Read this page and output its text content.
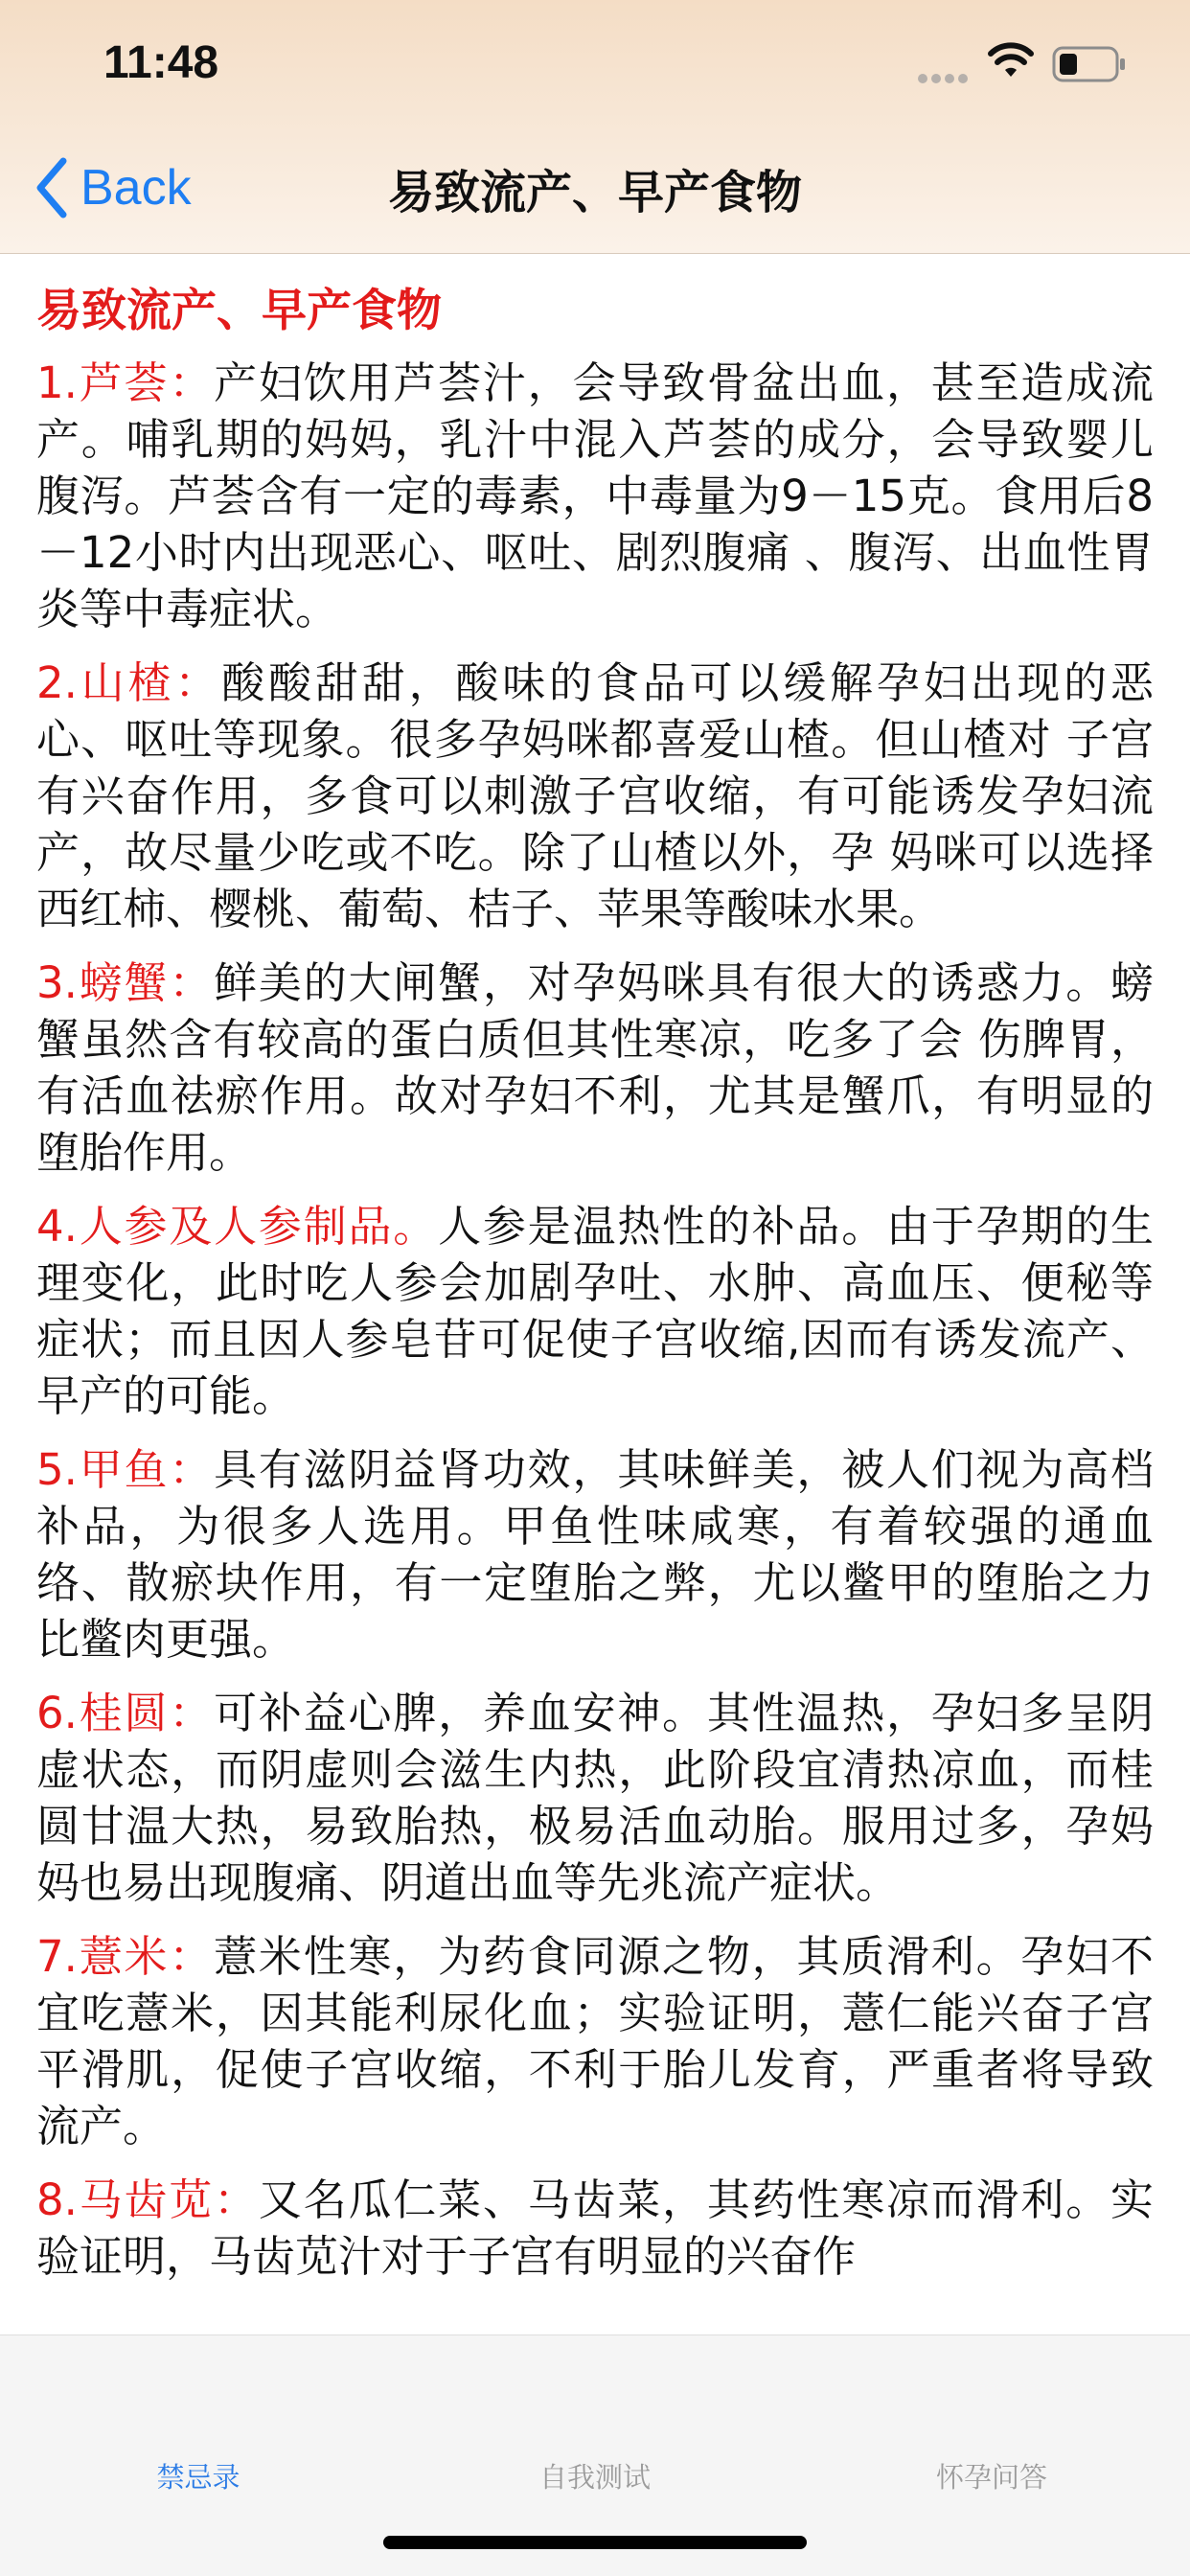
11:48
Back	易致流产、早产食物
易致流产、早产食物

1.芦荟：产妇饮用芦荟汁，会导致骨盆出血，甚至造成流产。哺乳期的妈妈，乳汁中混入芦荟的成分，会导致婴儿腹泻。芦荟含有一定的毒素，中毒量为9－15克。食用后8－12小时内出现恶心、呕吐、剧烈腹痛 、腹泻、出血性胃炎等中毒症状。

2.山楂：酸酸甜甜，酸味的食品可以缓解孕妇出现的恶心、呕吐等现象。很多孕妈咪都喜爱山楂。但山楂对 子宫有兴奋作用，多食可以刺激子宫收缩，有可能诱发孕妇流产，故尽量少吃或不吃。除了山楂以外，孕 妈咪可以选择西红柿、樱桃、葡萄、桔子、苹果等酸味水果。

3.螃蟹：鲜美的大闸蟹，对孕妈咪具有很大的诱惑力。螃蟹虽然含有较高的蛋白质但其性寒凉，吃多了会 伤脾胃，有活血祛瘀作用。故对孕妇不利，尤其是蟹爪，有明显的堕胎作用。

4.人参及人参制品。人参是温热性的补品。由于孕期的生理变化，此时吃人参会加剧孕吐、水肿、高血压、便秘等症状；而且因人参皂苷可促使子宫收缩,因而有诱发流产、早产的可能。

5.甲鱼：具有滋阴益肾功效，其味鲜美，被人们视为高档补品，为很多人选用。甲鱼性味咸寒，有着较强的通血络、散瘀块作用，有一定堕胎之弊，尤以鳖甲的堕胎之力比鳖肉更强。

6.桂圆：可补益心脾，养血安神。其性温热，孕妇多呈阴虚状态，而阴虚则会滋生内热，此阶段宜清热凉血，而桂圆甘温大热，易致胎热，极易活血动胎。服用过多，孕妈妈也易出现腹痛、阴道出血等先兆流产症状。

7.薏米：薏米性寒，为药食同源之物，其质滑利。孕妇不宜吃薏米，因其能利尿化血；实验证明，薏仁能兴奋子宫平滑肌，促使子宫收缩，不利于胎儿发育，严重者将导致流产。

8.马齿苋：又名瓜仁菜、马齿菜，其药性寒凉而滑利。实验证明，马齿苋汁对于子宫有明显的兴奋作

禁忌录	自我测试	怀孕问答
